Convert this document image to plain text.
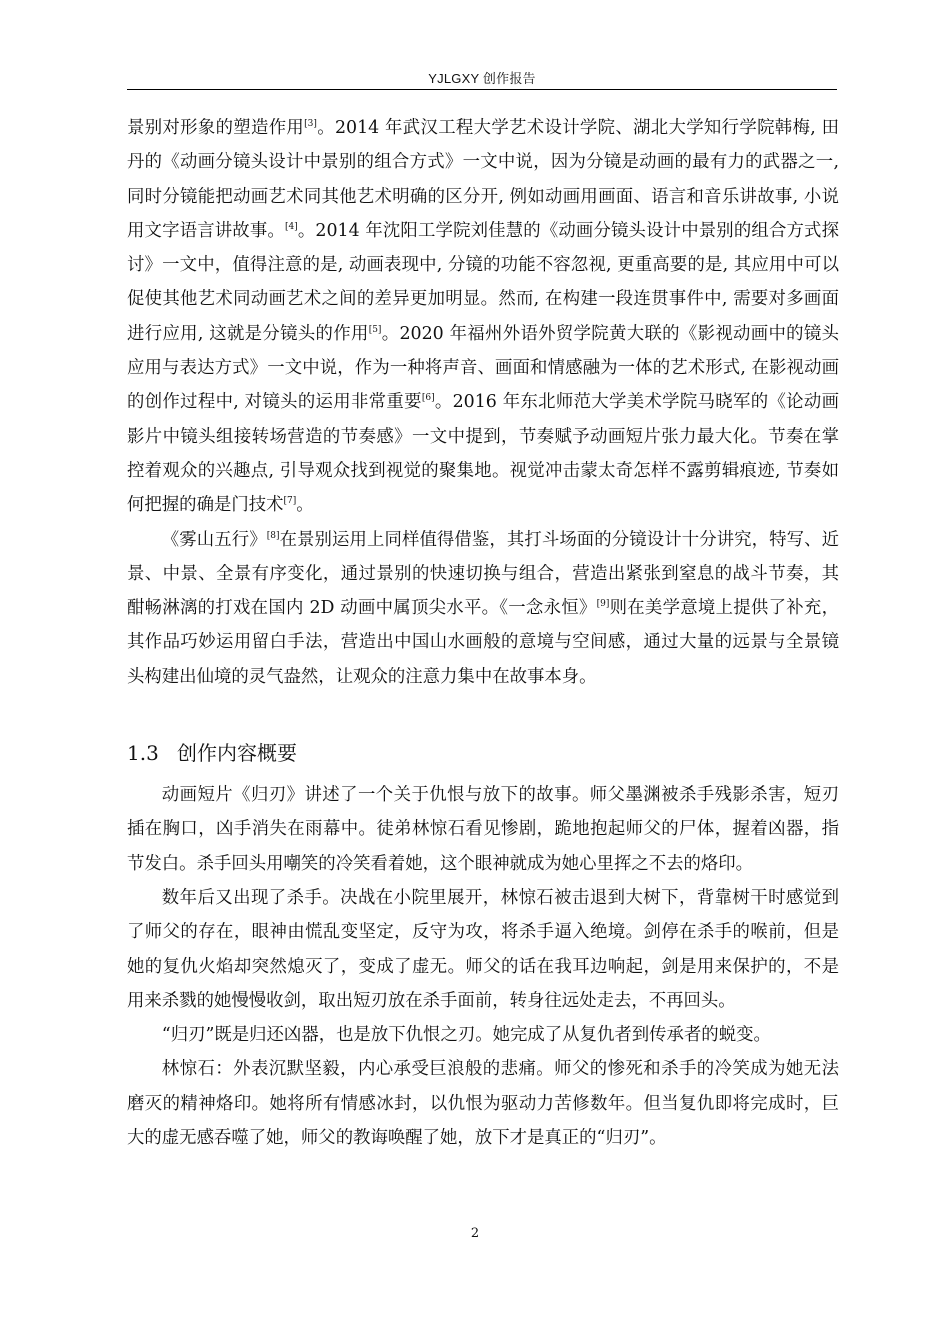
YJLGXY 创作报告

景别对形象的塑造作用[3]。2014 年武汉工程大学艺术设计学院、湖北大学知行学院韩梅, 田丹的《动画分镜头设计中景别的组合方式》一文中说，因为分镜是动画的最有力的武器之一, 同时分镜能把动画艺术同其他艺术明确的区分开, 例如动画用画面、语言和音乐讲故事, 小说用文字语言讲故事。[4]。2014 年沈阳工学院刘佳慧的《动画分镜头设计中景别的组合方式探讨》一文中，值得注意的是, 动画表现中, 分镜的功能不容忽视, 更重高要的是, 其应用中可以促使其他艺术同动画艺术之间的差异更加明显。然而, 在构建一段连贯事件中, 需要对多画面进行应用, 这就是分镜头的作用[5]。2020 年福州外语外贸学院黄大联的《影视动画中的镜头应用与表达方式》一文中说，作为一种将声音、画面和情感融为一体的艺术形式, 在影视动画的创作过程中, 对镜头的运用非常重要[6]。2016 年东北师范大学美术学院马晓军的《论动画影片中镜头组接转场营造的节奏感》一文中提到，节奏赋予动画短片张力最大化。节奏在掌控着观众的兴趣点, 引导观众找到视觉的聚集地。视觉冲击蒙太奇怎样不露剪辑痕迹, 节奏如何把握的确是门技术[7]。

《雾山五行》[8]在景别运用上同样值得借鉴，其打斗场面的分镜设计十分讲究，特写、近景、中景、全景有序变化，通过景别的快速切换与组合，营造出紧张到窒息的战斗节奏，其酣畅淋漓的打戏在国内 2D 动画中属顶尖水平。《一念永恒》[9]则在美学意境上提供了补充，其作品巧妙运用留白手法，营造出中国山水画般的意境与空间感，通过大量的远景与全景镜头构建出仙境的灵气盎然，让观众的注意力集中在故事本身。

1.3 创作内容概要

动画短片《归刃》讲述了一个关于仇恨与放下的故事。师父墨渊被杀手残影杀害，短刃插在胸口，凶手消失在雨幕中。徒弟林惊石看见惨剧，跪地抱起师父的尸体，握着凶器，指节发白。杀手回头用嘲笑的冷笑看着她，这个眼神就成为她心里挥之不去的烙印。

数年后又出现了杀手。决战在小院里展开，林惊石被击退到大树下，背靠树干时感觉到了师父的存在，眼神由慌乱变坚定，反守为攻，将杀手逼入绝境。剑停在杀手的喉前，但是她的复仇火焰却突然熄灭了，变成了虚无。师父的话在我耳边响起，剑是用来保护的，不是用来杀戮的她慢慢收剑，取出短刃放在杀手面前，转身往远处走去，不再回头。

“归刃”既是归还凶器，也是放下仇恨之刃。她完成了从复仇者到传承者的蜕变。

林惊石：外表沉默坚毅，内心承受巨浪般的悲痛。师父的惨死和杀手的冷笑成为她无法磨灭的精神烙印。她将所有情感冰封，以仇恨为驱动力苦修数年。但当复仇即将完成时，巨大的虚无感吞噬了她，师父的教诲唤醒了她，放下才是真正的“归刃”。

2
